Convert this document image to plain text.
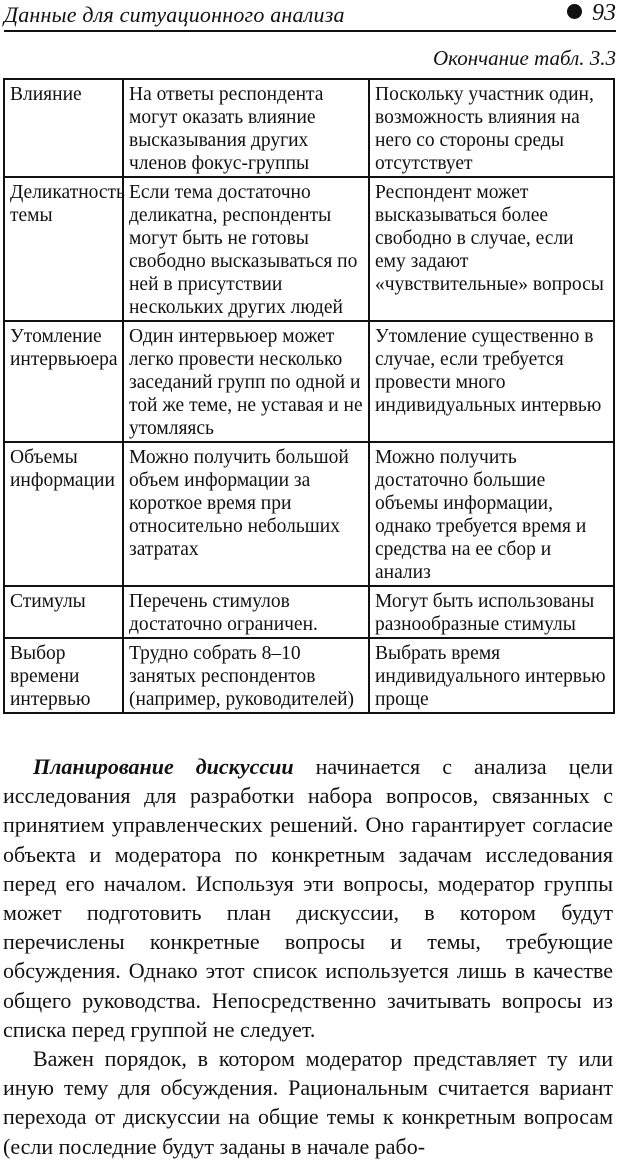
Данные для ситуационного анализа	93
Окончание табл. 3.3
Влияние	На ответы респондента могут оказать влияние высказывания других членов фокус-группы	Поскольку участник один, возможность влияния на него со стороны среды отсутствует
Деликатность темы	Если тема достаточно деликатна, респонденты могут быть не готовы свободно высказываться по ней в присутствии нескольких других людей	Респондент может высказываться более свободно в случае, если ему задают «чувствительные» вопросы
Утомление интервьюера	Один интервьюер может легко провести несколько заседаний групп по одной и той же теме, не уставая и не утомляясь	Утомление существенно в случае, если требуется провести много индивидуальных интервью
Объемы информации	Можно получить большой объем информации за короткое время при относительно небольших затратах	Можно получить достаточно большие объемы информации, однако требуется время и средства на ее сбор и анализ
Стимулы	Перечень стимулов достаточно ограничен.	Могут быть использованы разнообразные стимулы
Выбор времени интервью	Трудно собрать 8–10 занятых респондентов (например, руководителей)	Выбрать время индивидуального интервью проще

Планирование дискуссии начинается с анализа цели исследования для разработки набора вопросов, связанных с принятием управленческих решений. Оно гарантирует согласие объекта и модератора по конкретным задачам исследования перед его началом. Используя эти вопросы, модератор группы может подготовить план дискуссии, в котором будут перечислены конкретные вопросы и темы, требующие обсуждения. Однако этот список используется лишь в качестве общего руководства. Непосредственно зачитывать вопросы из списка перед группой не следует.

Важен порядок, в котором модератор представляет ту или иную тему для обсуждения. Рациональным считается вариант перехода от дискуссии на общие темы к конкретным вопросам (если последние будут заданы в начале рабо-
